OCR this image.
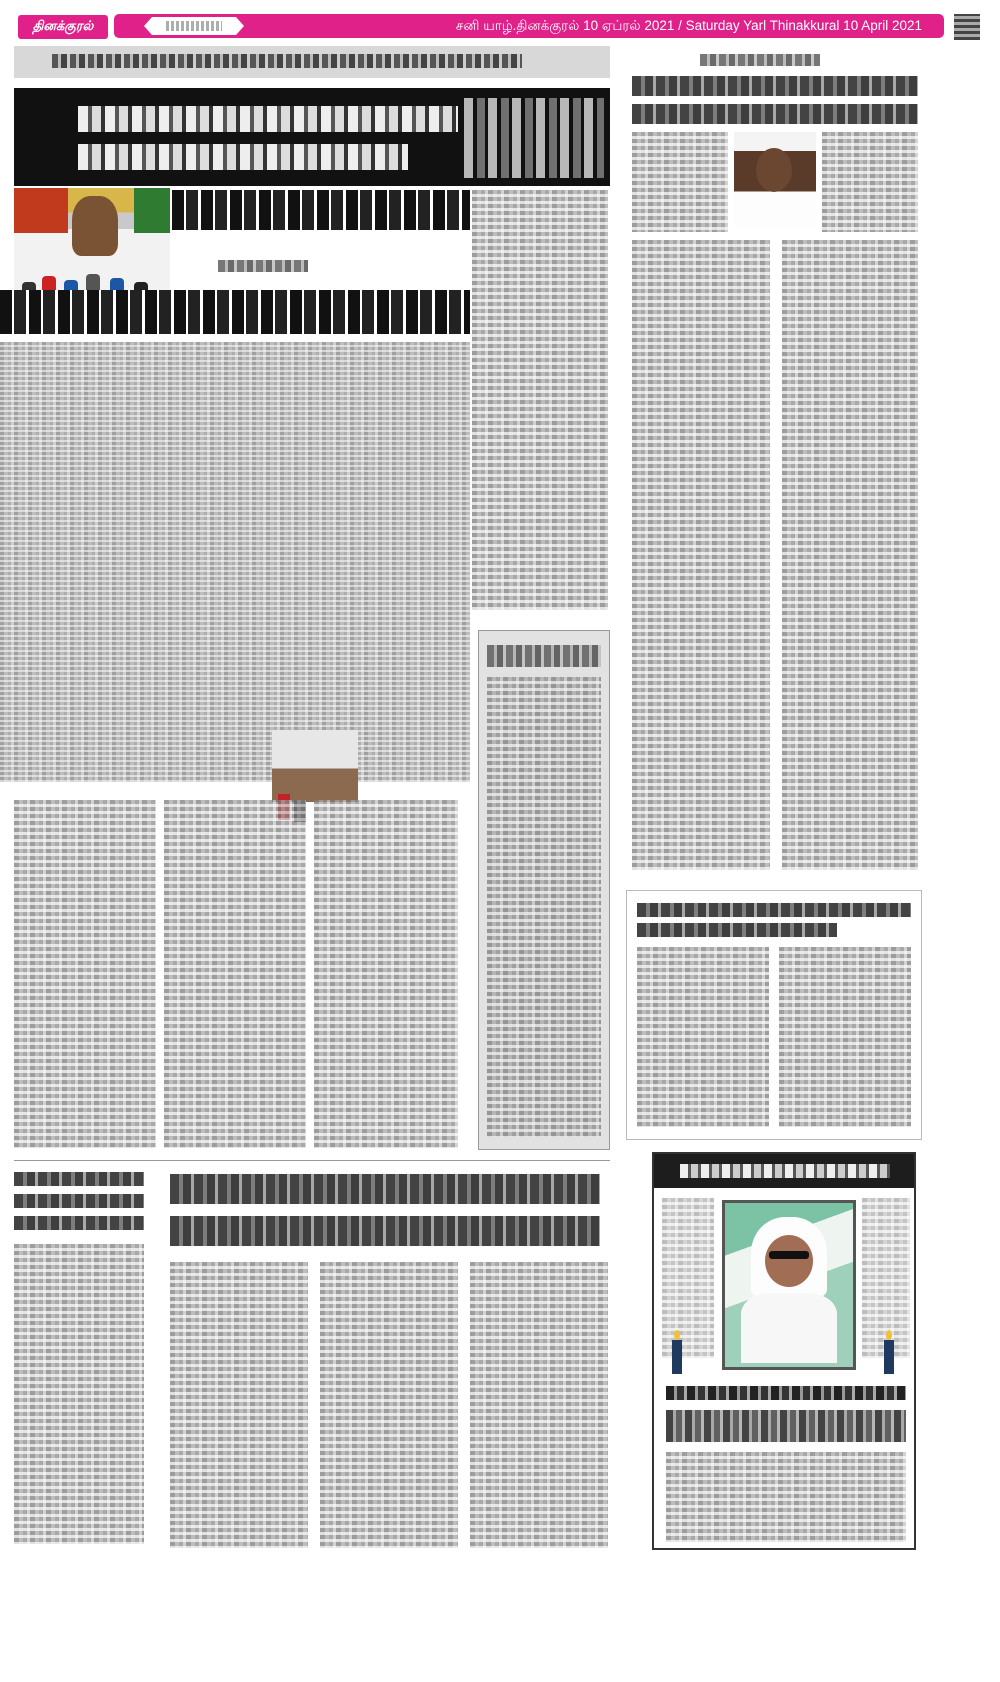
தினக்குரல்	சனி யாழ்.தினக்குரல் 10 ஏப்ரல் 2021 / Saturday Yarl Thinakkural 10 April 2021
